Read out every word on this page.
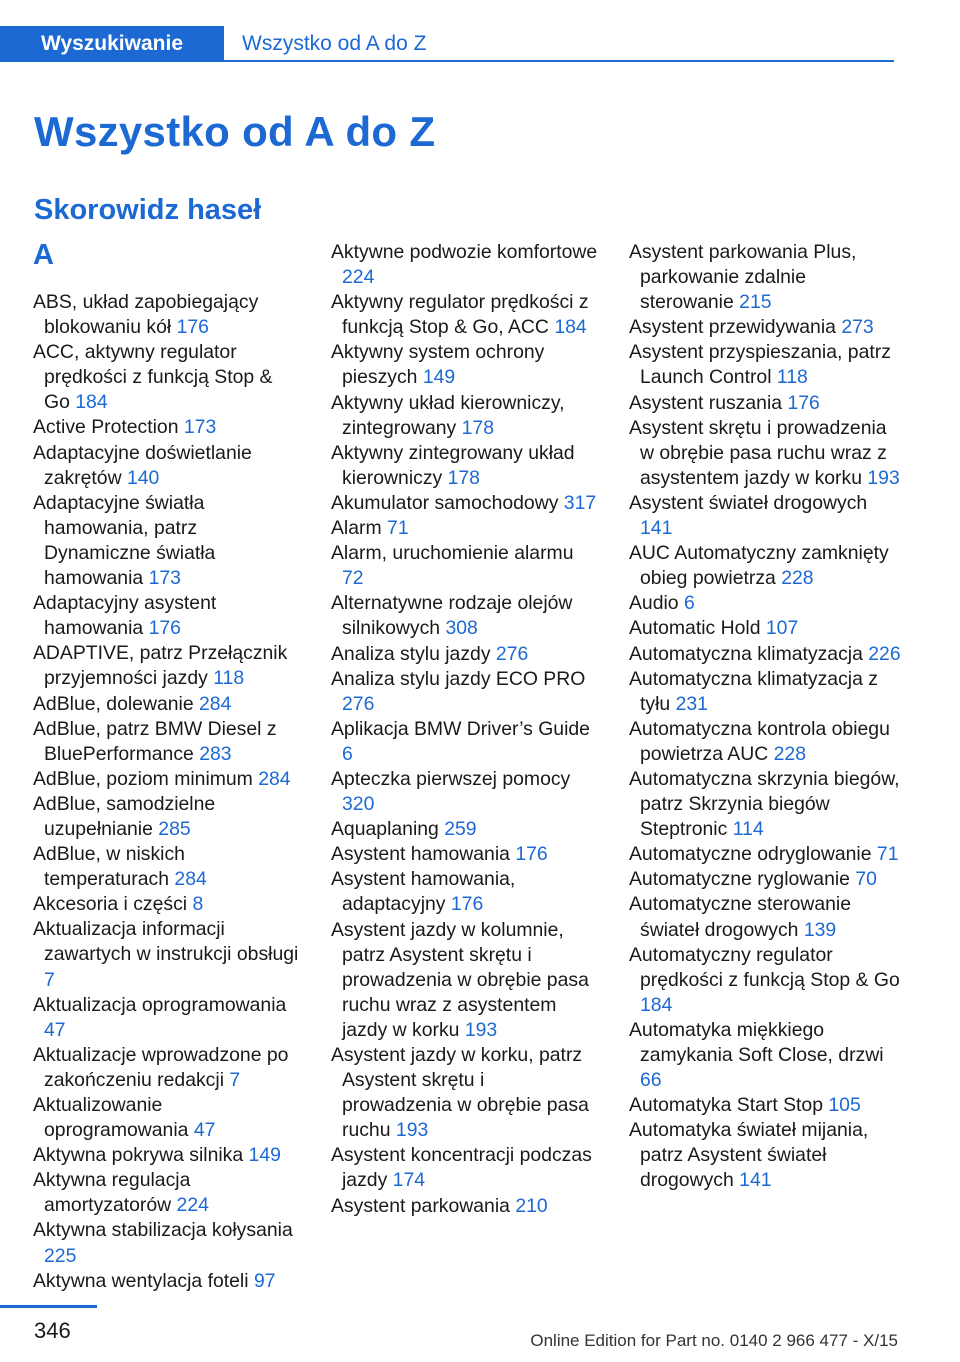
Wyszukiwanie	Wszystko od A do Z
Wszystko od A do Z
Skorowidz haseł
A
ABS, układ zapobiegający blokowaniu kół 176
ACC, aktywny regulator prędkości z funkcją Stop & Go 184
Active Protection 173
Adaptacyjne doświetlanie zakrętów 140
Adaptacyjne światła hamowania, patrz Dynamiczne światła hamowania 173
Adaptacyjny asystent hamowania 176
ADAPTIVE, patrz Przełącznik przyjemności jazdy 118
AdBlue, dolewanie 284
AdBlue, patrz BMW Diesel z BluePerformance 283
AdBlue, poziom minimum 284
AdBlue, samodzielne uzupełnianie 285
AdBlue, w niskich temperaturach 284
Akcesoria i części 8
Aktualizacja informacji zawartych w instrukcji obsługi 7
Aktualizacja oprogramowania 47
Aktualizacje wprowadzone po zakończeniu redakcji 7
Aktualizowanie oprogramowania 47
Aktywna pokrywa silnika 149
Aktywna regulacja amortyzatorów 224
Aktywna stabilizacja kołysania 225
Aktywna wentylacja foteli 97
Aktywne podwozie komfortowe 224
Aktywny regulator prędkości z funkcją Stop & Go, ACC 184
Aktywny system ochrony pieszych 149
Aktywny układ kierowniczy, zintegrowany 178
Aktywny zintegrowany układ kierowniczy 178
Akumulator samochodowy 317
Alarm 71
Alarm, uruchomienie alarmu 72
Alternatywne rodzaje olejów silnikowych 308
Analiza stylu jazdy 276
Analiza stylu jazdy ECO PRO 276
Aplikacja BMW Driver’s Guide 6
Apteczka pierwszej pomocy 320
Aquaplaning 259
Asystent hamowania 176
Asystent hamowania, adaptacyjny 176
Asystent jazdy w kolumnie, patrz Asystent skrętu i prowadzenia w obrębie pasa ruchu wraz z asystentem jazdy w korku 193
Asystent jazdy w korku, patrz Asystent skrętu i prowadzenia w obrębie pasa ruchu 193
Asystent koncentracji podczas jazdy 174
Asystent parkowania 210
Asystent parkowania Plus, parkowanie zdalnie sterowanie 215
Asystent przewidywania 273
Asystent przyspieszania, patrz Launch Control 118
Asystent ruszania 176
Asystent skrętu i prowadzenia w obrębie pasa ruchu wraz z asystentem jazdy w korku 193
Asystent świateł drogowych 141
AUC Automatyczny zamknięty obieg powietrza 228
Audio 6
Automatic Hold 107
Automatyczna klimatyzacja 226
Automatyczna klimatyzacja z tyłu 231
Automatyczna kontrola obiegu powietrza AUC 228
Automatyczna skrzynia biegów, patrz Skrzynia biegów Steptronic 114
Automatyczne odryglowanie 71
Automatyczne ryglowanie 70
Automatyczne sterowanie świateł drogowych 139
Automatyczny regulator prędkości z funkcją Stop & Go 184
Automatyka miękkiego zamykania Soft Close, drzwi 66
Automatyka Start Stop 105
Automatyka świateł mijania, patrz Asystent świateł drogowych 141
346	Online Edition for Part no. 0140 2 966 477 - X/15
